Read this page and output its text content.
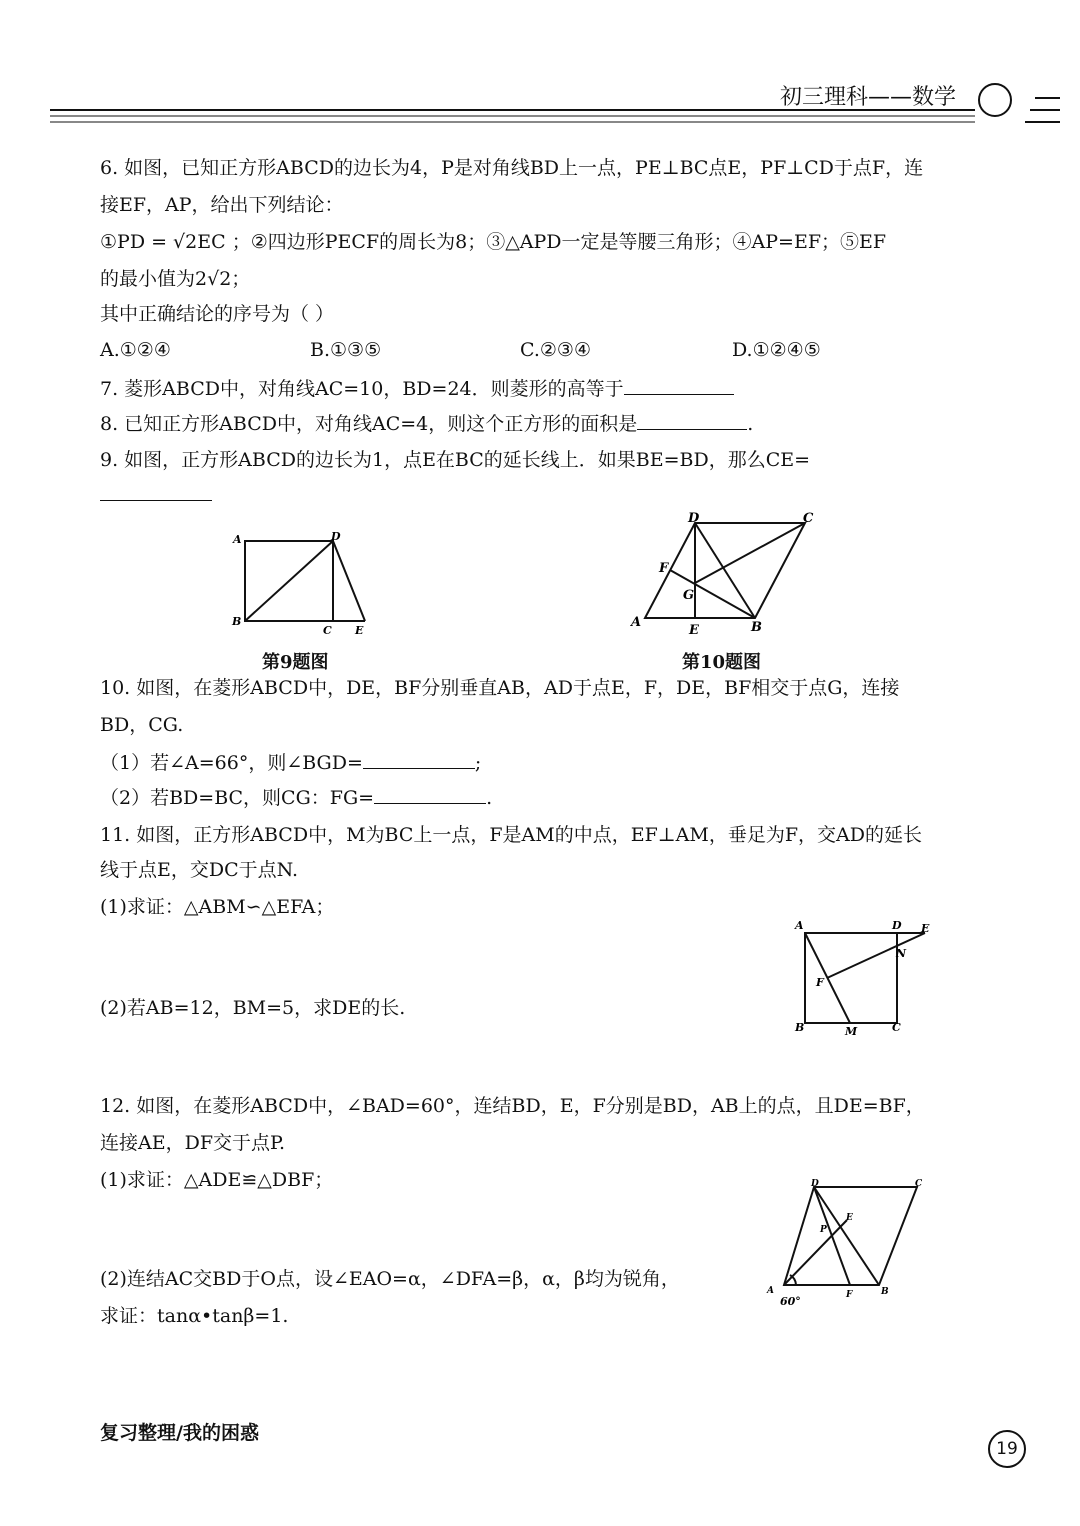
初三理科——数学
6. 如图，已知正方形ABCD的边长为4，P是对角线BD上一点，PE⊥BC点E，PF⊥CD于点F，连
接EF，AP，给出下列结论：
①PD = √2EC ；②四边形PECF的周长为8；③△APD一定是等腰三角形；④AP=EF；⑤EF
的最小值为2√2；
其中正确结论的序号为（ ）
A.①②④	B.①③⑤	C.②③④	D.①②④⑤
7. 菱形ABCD中，对角线AC=10，BD=24．则菱形的高等于
8. 已知正方形ABCD中，对角线AC=4，则这个正方形的面积是	.
9. 如图，正方形ABCD的边长为1，点E在BC的延长线上．如果BE=BD，那么CE=
A	D
B
C E
第9题图
D	C
F
G
A
E	B
第10题图
10. 如图，在菱形ABCD中，DE，BF分别垂直AB，AD于点E，F，DE，BF相交于点G，连接
BD，CG.
（1）若∠A=66°，则∠BGD=	;
（2）若BD=BC，则CG：FG=	.
11. 如图，正方形ABCD中，M为BC上一点，F是AM的中点，EF⊥AM，垂足为F，交AD的延长
线于点E，交DC于点N.
(1)求证：△ABM∽△EFA；
(2)若AB=12，BM=5，求DE的长.
A	D E
N
F
B	M	C
12. 如图，在菱形ABCD中，∠BAD=60°，连结BD，E，F分别是BD，AB上的点，且DE=BF，
连接AE，DF交于点P.
(1)求证：△ADE≌△DBF；
(2)连结AC交BD于O点，设∠EAO=α，∠DFA=β，α，β均为锐角，
求证：tanα•tanβ=1.
D	C
E
P
A
60°	F	B
复习整理/我的困惑
19
